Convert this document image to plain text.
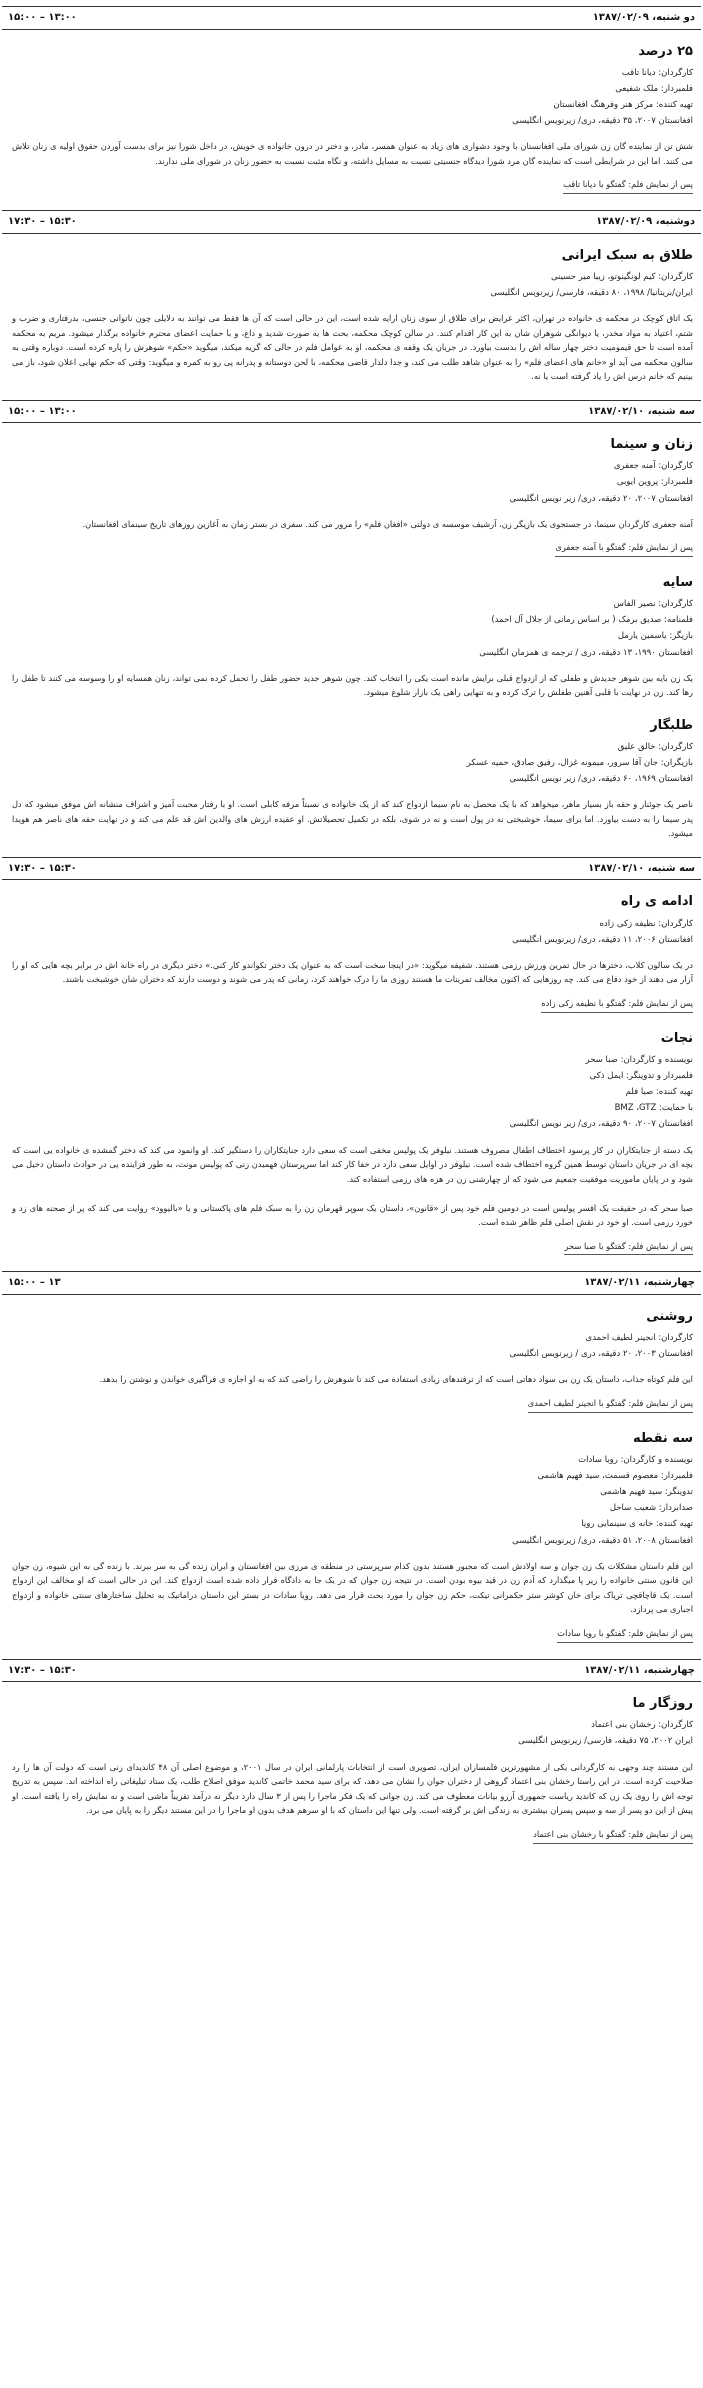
دو شنبه، ۱۳۸۷/۰۲/۰۹
۱۵:۰۰ – ۱۳:۰۰
۲۵ درصد

کارگردان: دیانا تاقب

فلمبردار: ملک شفیعی

تهیه کننده: مرکز هنر وفرهنگ افغانستان

افغانستان ۲۰۰۷، ۳۵ دقیقه، دری/ زیرنویس انگلیسی

شش تن از نماینده گان زن شورای ملی افغانستان با وجود دشواری های زیاد به عنوان همسر، مادر، و دختر در درون خانواده ی خویش، در داخل شورا نیز برای بدست آوردن حقوق اولیه ی زنان تلاش می کنند. اما این در شرایطی است که نماینده گان مرد شورا دیدگاه جنسیتی نسبت به مسایل داشته، و نگاه مثبت نسبت به حضور زنان در شورای ملی ندارند.

پس از نمایش فلم: گفتگو با دیانا تاقب
دوشنبه، ۱۳۸۷/۰۲/۰۹
۱۷:۳۰ – ۱۵:۳۰
طلاق به سبک ایرانی

کارگردان: کیم لونگینوتو، زیبا میر حسینی

ایران/بریتانیا/ ۱۹۹۸، ۸۰ دقیقه، فارسی/ زیرنویس انگلیسی

یک اتاق کوچک در محکمه ی خانواده در تهران، اکثر عرایض برای طلاق از سوی زنان ارایه شده است، این در حالی است که آن ها فقط می توانند به دلایلی چون ناتوانی جنسی، بدرفتاری و ضرب و شتم، اعتیاد به مواد مخدر، یا دیوانگی شوهران شان به این کار اقدام کنند. در سالن کوچک محکمه، بحث ها به صورت شدید و داغ، و با حمایت اعضای محترم خانواده برگذار میشود. مریم به محکمه آمده است تا حق قیمومیت دختر چهار ساله اش را بدست بیاورد. در جریان یک وقفه ی محکمه، او به عوامل فلم در حالی که گریه میکند، میگوید «حکم» شوهرش را پاره کرده است. دوباره وقتی به سالون محکمه می آید او «خانم های اعضای فلم» را به عنوان شاهد طلب می کند، و جدا دلدار قاضی محکمه، با لحن دوستانه و پدرانه پی رو به کمره و میگوید: وقتی که حکم نهایی اعلان شود، باز می بینیم که خانم درس اش را یاد گرفته است یا نه.

سه شنبه، ۱۳۸۷/۰۲/۱۰
۱۵:۰۰ – ۱۳:۰۰
زنان و سینما

کارگردان: آمنه جعفری

فلمبردار: پروین ایوبی

افغانستان ۲۰۰۷، ۲۰ دقیقه، دری/ زیر نویس انگلیسی

آمنه جعفری کارگردان سینما، در جستجوی یک بازیگر زن، آرشیف موسسه ی دولتی «افغان فلم» را مرور می کند. سفری در بستر زمان به آغازین روزهای تاریخ سینمای افغانستان.

پس از نمایش فلم: گفتگو با آمنه جعفری
سایه

کارگردان: نصیر الفاس

فلمنامه: صدیق برمک ( بر اساس رمانی از جلال آل احمد)

بازیگر: یاسمین یارمل

افغانستان ۱۹۹۰، ۱۳ دقیقه، دری / ترجمه ی همزمان انگلیسی

یک زن بایه بین شوهر جدیدش و طفلی که از ازدواج قبلی برایش مانده است یکی را انتخاب کند. چون شوهر جدید حضور طفل را تحمل کرده نمی تواند، زنان همسایه او را وسوسه می کنند تا طفل را رها کند. زن در نهایت با قلبی آهنین طفلش را ترک کرده و به تنهایی راهی یک بازار شلوغ میشود.

طلبگار

کارگردان: خالق علیق

بازیگران: جان آقا سرور، میمونه غزال، رفیق صادق، حمیه عسکر

افغانستان ۱۹۶۹، ۶۰ دقیقه، دری/ زیر نویس انگلیسی

ناصر یک جوئنار و حقه باز بسیار ماهر، میخواهد که با یک محصل به نام سیما ازدواج کند که از یک خانواده ی نسبتاً مرفه کابلی است. او با رفتار محبت آمیز و اشراف منشانه اش موفق میشود که دل پدر سیما را به دست بیاورد. اما برای سیما، خوشبختی نه در پول است و نه در شوی، بلکه در تکمیل تحصیلاتش. او عقیده ارزش های والدین اش قد علم می کند و در نهایت حقه های ناصر هم هویدا میشود.

سه شنبه، ۱۳۸۷/۰۲/۱۰
۱۷:۳۰ – ۱۵:۳۰
ادامه ی راه

کارگردان: نظیفه زکی زاده

افغانستان ۲۰۰۶، ۱۱ دقیقه، دری/ زیرنویس انگلیسی

در یک سالون کلاب، دخترها در حال تمرین ورزش رزمی هستند. شفیقه میگوید: «در اینجا سخت است که به عنوان یک دختر تکواندو کار کنی.» دختر دیگری در راه خانه اش در برابر بچه هایی که او را آزار می دهند از خود دفاع می کند. چه روزهایی که اکنون مخالف تمرینات ما هستند روزی ما را درک خواهند کرد، زمانی که پدر می شوند و دوست دارند که دختران شان خوشبخت باشند.

پس از نمایش فلم: گفتگو با نظیفه زکی زاده
نجات

نویسنده و کارگردان: صبا سحر

فلمبردار و تدوینگر: ایمل ذکی

تهیه کننده: صبا فلم

با حمایت: BMZ ،GTZ

افغانستان ۲۰۰۷، ۹۰ دقیقه، دری/ زیر نویس انگلیسی

یک دسته از جنایتکاران در کار پرسود اختطاف اطفال مصروف هستند. نیلوفر یک پولیس مخفی است که سعی دارد جنایتکاران را دستگیر کند. او وانمود می کند که دختر گمشده ی خانواده یی است که بچه ای در جریان داستان توسط همین گروه اختطاف شده است. نیلوفر در اوایل سعی دارد در خفا کار کند اما سرپرستان فهمیدن زنی که پولیس مونث، به طور فزاینده یی در حوادث داستان دخیل می شود و در پایان ماموریت موفقیت جمعیم می شود که از چهارشنی زن در هزه های رزمی استفاده کند.

صبا سحر که در حقیقت یک افسر پولیس است در دومین فلم خود پس از «قانون»، داستان یک سوپر قهرمان زن را به سبک فلم های پاکستانی و یا «بالیوود» روایت می کند که پر از صحنه های زد و خورد رزمی است. او خود در نقش اصلی فلم ظاهر شده است.

پس از نمایش فلم: گفتگو با صبا سحر
چهارشنبه، ۱۳۸۷/۰۲/۱۱
۱۵:۰۰ – ۱۳
روشنی

کارگردان: انجینر لطیف احمدی

افغانستان ۲۰۰۳، ۲۰ دقیقه، دری / زیرنویس انگلیسی

این فلم کوتاه جذاب، داستان یک زن بی سواد دهاتی است که از ترفندهای زیادی استفاده می کند تا شوهرش را راضی کند که به او اجازه ی فراگیری خواندن و نوشتن را بدهد.

پس از نمایش فلم: گفتگو با انجینر لطیف احمدی
سه نقطه

نویسنده و کارگردان: رویا سادات

فلمبردار: معصوم قسمت، سید فهیم هاشمی

تدوینگر: سید فهیم هاشمی

صدابردار: شعیب ساحل

تهیه کننده: خانه ی سینمایی رویا

افغانستان ۲۰۰۸، ۵۱ دقیقه، دری/ زیرنویس انگلیسی

این فلم داستان مشکلات یک زن جوان و سه اولادش است که مجبور هستند بدون کدام سرپرستی در منطقه ی مرزی بین افغانستان و ایران زنده گی به سر ببرند. با زنده گی به این شیوه، زن جوان این قانون سنتی خانواده را زیر پا میگذارد که آدم زن در قید بیوه بودن است. در نتیجه زن جوان که در یک جا به دادگاه قرار داده شده است ازدواج کند. این در حالی است که او مخالف این ازدواج است. یک قاچاقچی تریاک برای خان کوشر ستر حکمرانی تیکت، حکم زن جوان را مورد بحث قرار می دهد. رویا سادات در بستر این داستان دراماتیک به تحلیل ساختارهای سنتی خانواده و ازدواج اجباری می پردازد.

پس از نمایش فلم: گفتگو با رویا سادات
چهارشنبه، ۱۳۸۷/۰۲/۱۱
۱۷:۳۰ – ۱۵:۳۰
روزگار ما

کارگردان: رخشان بنی اعتماد

ایران ۲۰۰۲، ۷۵ دقیقه، فارسی/ زیرنویس انگلیسی

این مستند چند وجهی به کارگردانی یکی از مشهورترین فلمسازان ایران، تصویری است از انتخابات پارلمانی ایران در سال ۲۰۰۱، و موضوع اصلی آن ۴۸ کاندیدای زنی است که دولت آن ها را رد صلاحیت کرده است. در این راستا رخشان بنی اعتماد گروهی از دختران جوان را نشان می دهد، که برای سید محمد خاتمی کاندید موفق اصلاح طلب، یک ستاد تبلیغاتی راه انداخته اند. سپس به تدریج توجه اش را روی یک زن که کاندید ریاست جمهوری آرزو بیانات معطوف می کند. زن جوانی که یک فکر ماجرا را پس از ۳ سال دارد دیگر نه درآمد تقریباً ماشی است و نه نمایش راه را یافته است. او پیش از این دو پسر از سه و سپس پسران بیشتری به زندگی اش بر گرفته است. ولی تنها این داستان که با او سرهم هدف بدون او ماجرا را در این مستند دیگر را به پایان می برد.

پس از نمایش فلم: گفتگو با رخشان بنی اعتماد
